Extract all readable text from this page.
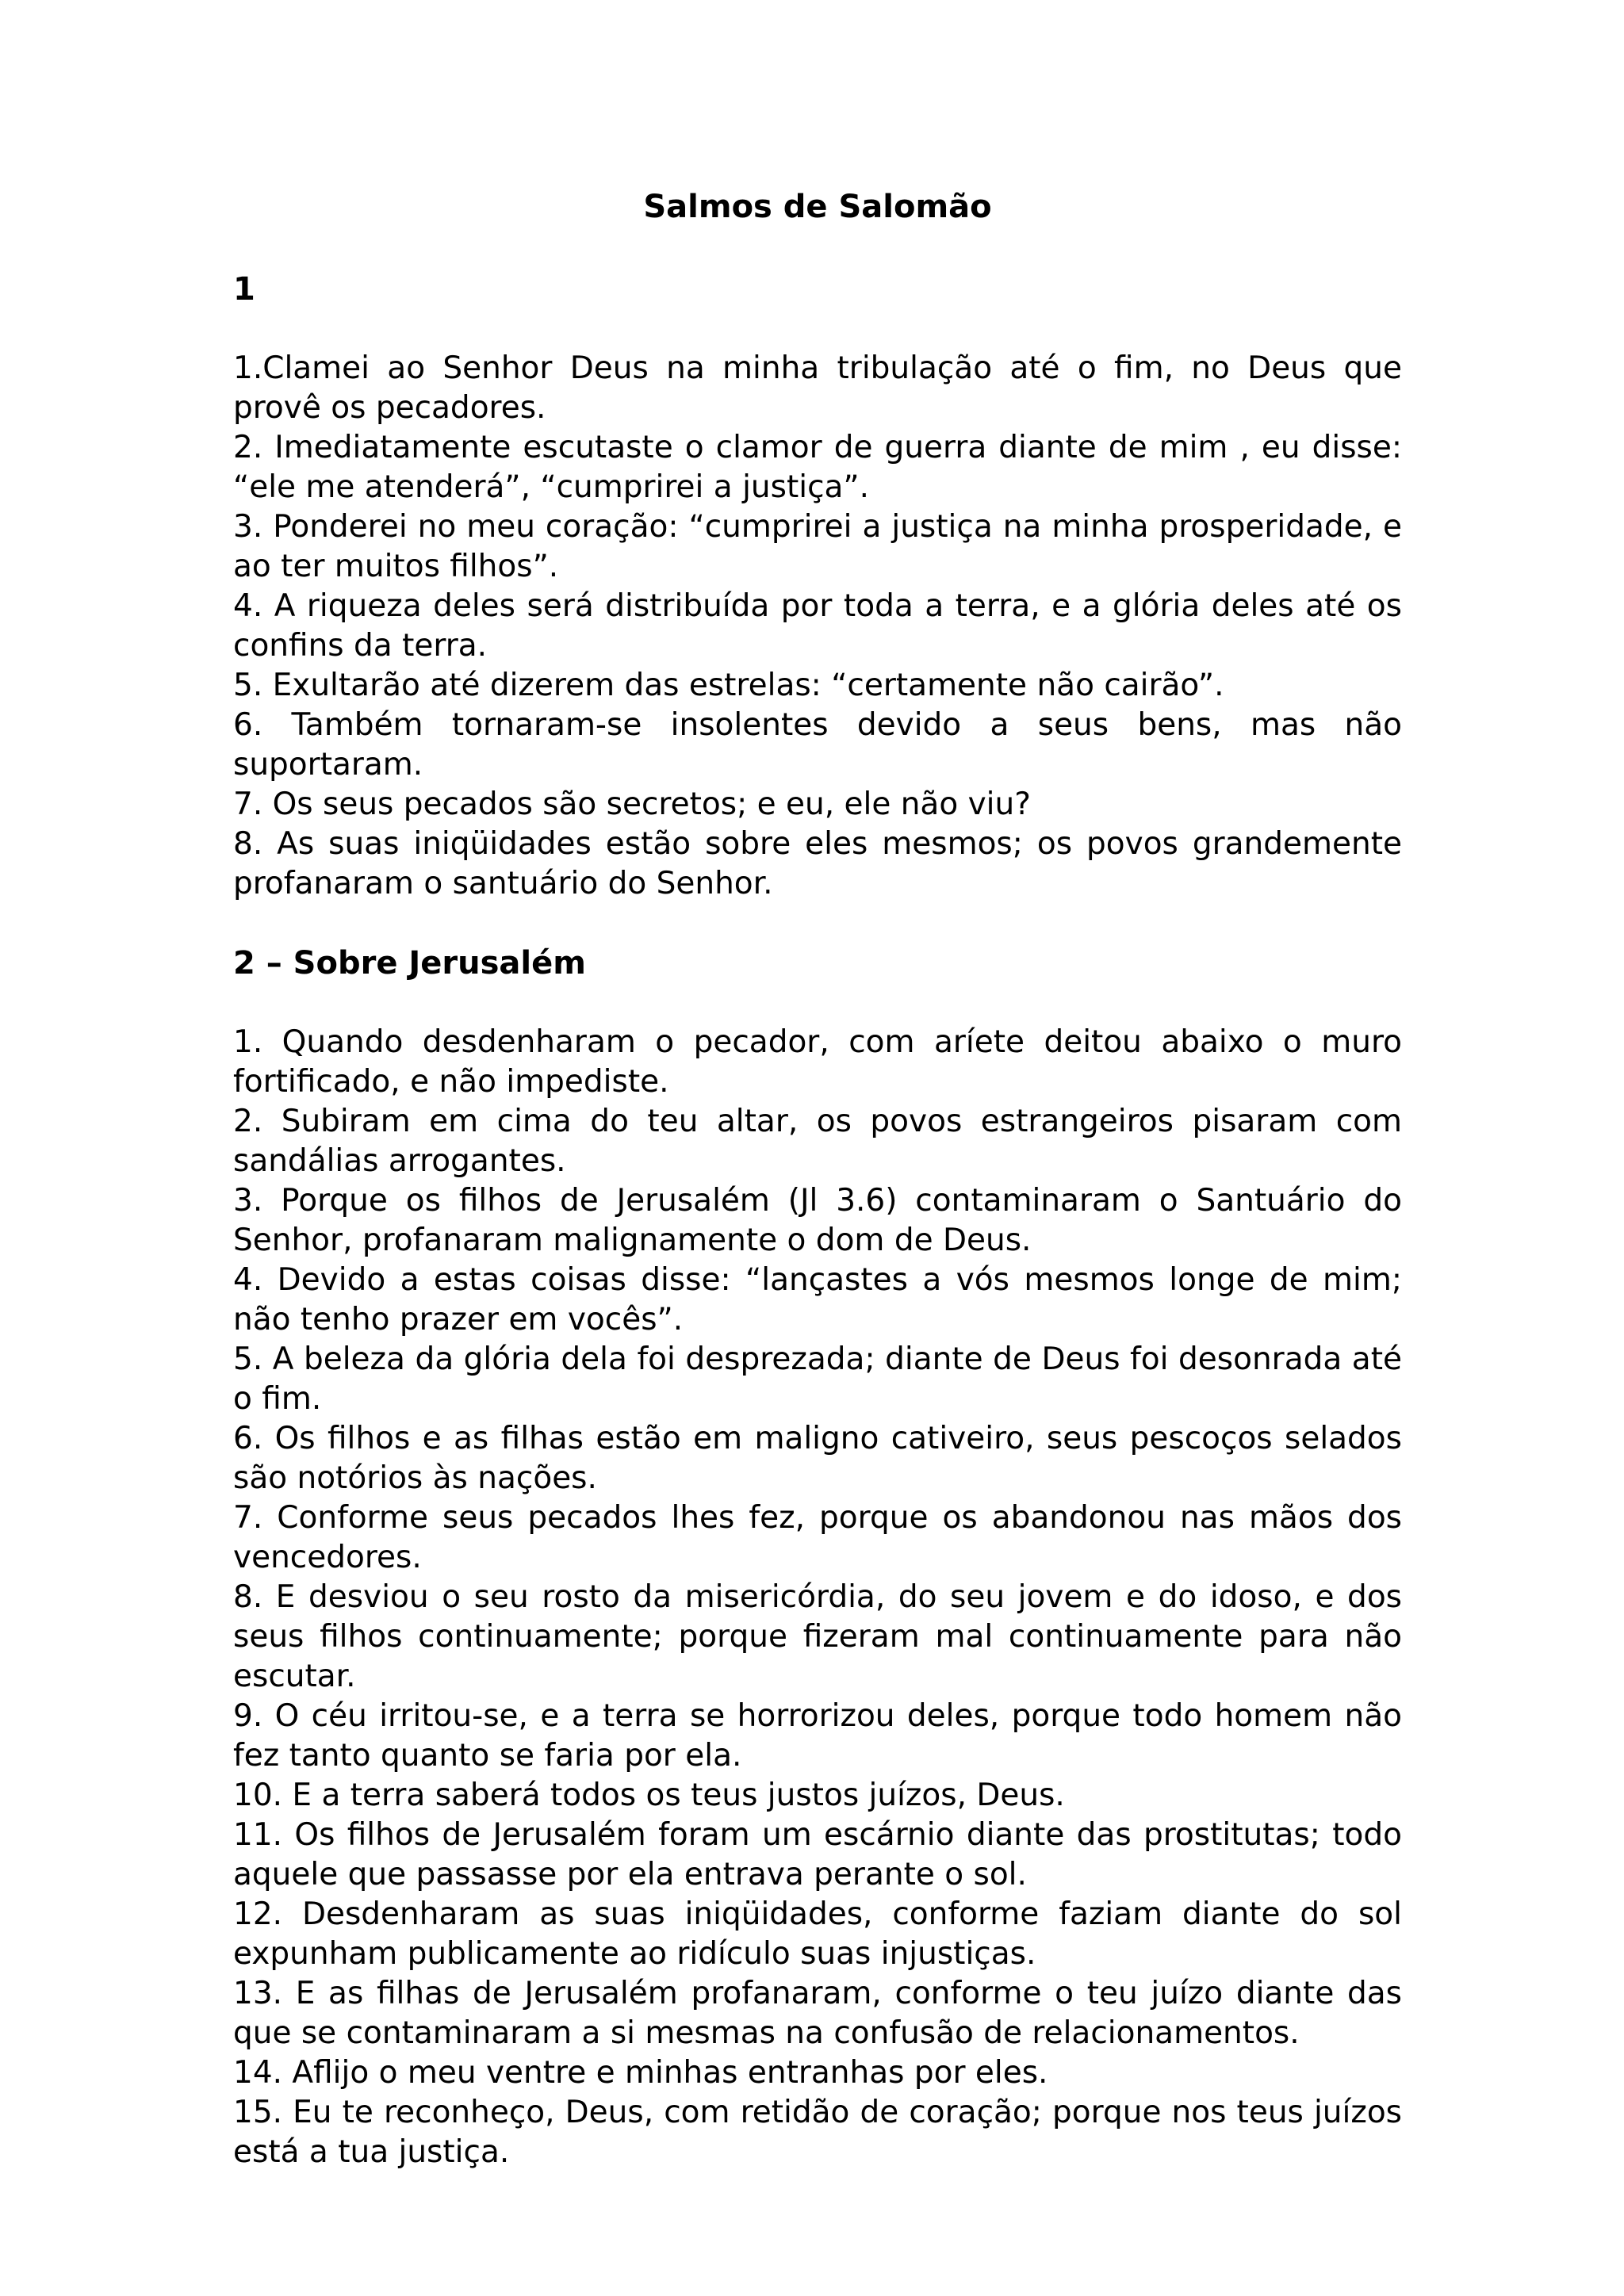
Salmos de Salomão
1
1.Clamei ao Senhor Deus na minha tribulação até o fim, no Deus que provê os pecadores.
2. Imediatamente escutaste o clamor de guerra diante de mim , eu disse: “ele me atenderá”, “cumprirei a justiça”.
3. Ponderei no meu coração: “cumprirei a justiça na minha prosperidade, e ao ter muitos filhos”.
4. A riqueza deles será distribuída por toda a terra, e a glória deles até os confins da terra.
5. Exultarão até dizerem das estrelas: “certamente não cairão”.
6. Também tornaram-se insolentes devido a seus bens, mas não suportaram.
7. Os seus pecados são secretos; e eu, ele não viu?
8. As suas iniqüidades estão sobre eles mesmos; os povos grandemente profanaram o santuário do Senhor.
2 – Sobre Jerusalém
1. Quando desdenharam o pecador, com aríete deitou abaixo o muro fortificado, e não impediste.
2. Subiram em cima do teu altar, os povos estrangeiros pisaram com sandálias arrogantes.
3. Porque os filhos de Jerusalém (Jl 3.6) contaminaram o Santuário do Senhor, profanaram malignamente o dom de Deus.
4. Devido a estas coisas disse: “lançastes a vós mesmos longe de mim; não tenho prazer em vocês”.
5. A beleza da glória dela foi desprezada; diante de Deus foi desonrada até o fim.
6. Os filhos e as filhas estão em maligno cativeiro, seus pescoços selados são notórios às nações.
7. Conforme seus pecados lhes fez, porque os abandonou nas mãos dos vencedores.
8. E desviou o seu rosto da misericórdia, do seu jovem e do idoso, e dos seus filhos continuamente; porque fizeram mal continuamente para não escutar.
9. O céu irritou-se, e a terra se horrorizou deles, porque todo homem não fez tanto quanto se faria por ela.
10. E a terra saberá todos os teus justos juízos, Deus.
11. Os filhos de Jerusalém foram um escárnio diante das prostitutas; todo aquele que passasse por ela entrava perante o sol.
12. Desdenharam as suas iniqüidades, conforme faziam diante do sol expunham publicamente ao ridículo suas injustiças.
13. E as filhas de Jerusalém profanaram, conforme o teu juízo diante das que se contaminaram a si mesmas na confusão de relacionamentos.
14. Aflijo o meu ventre e minhas entranhas por eles.
15. Eu te reconheço, Deus, com retidão de coração; porque nos teus juízos está a tua justiça.
